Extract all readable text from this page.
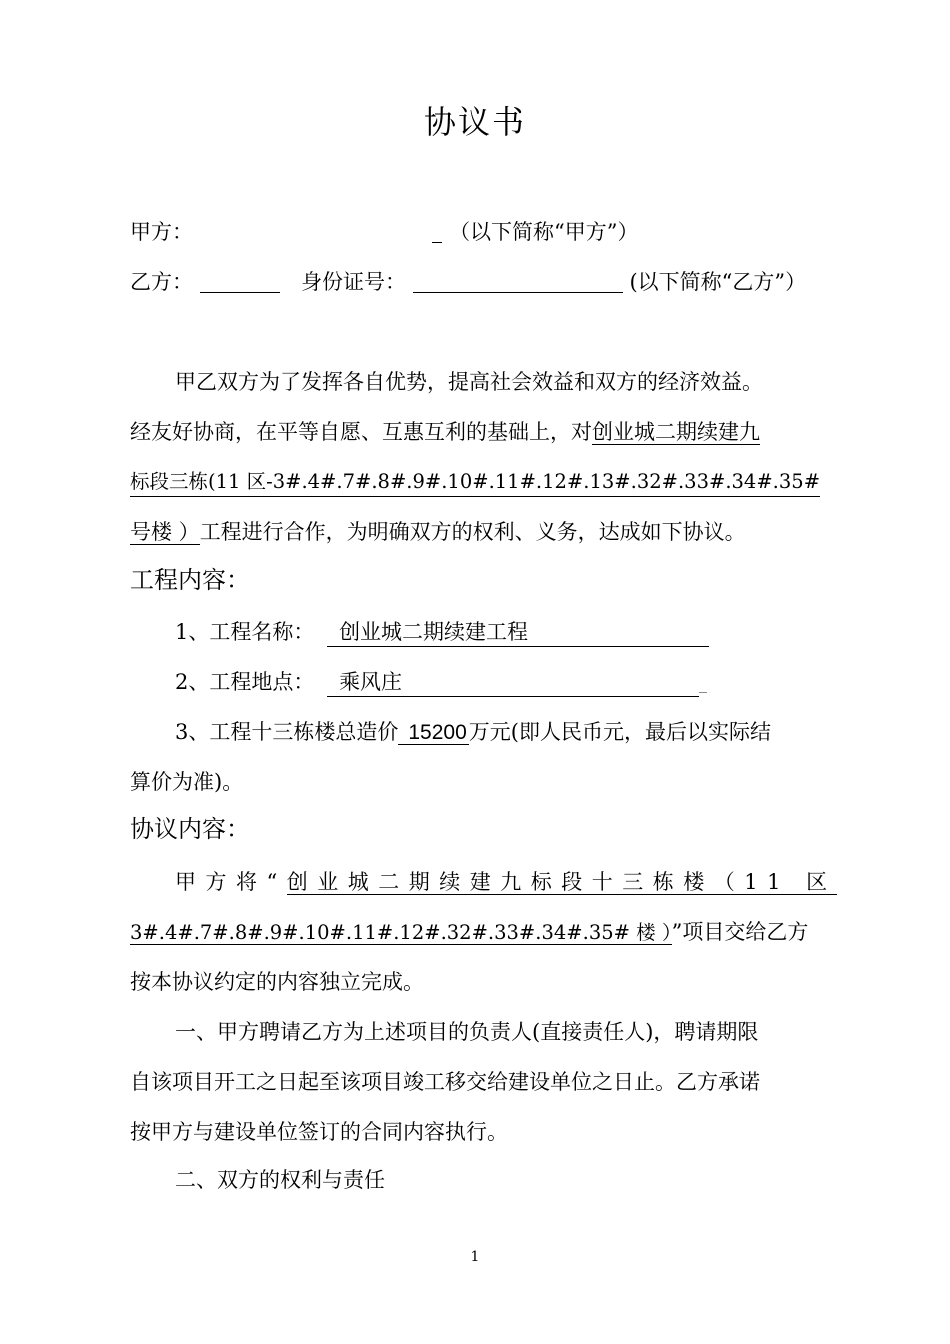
协议书
甲方：	（以下简称“甲方”）
乙方：	身份证号：	(以下简称“乙方”）
甲乙双方为了发挥各自优势，提高社会效益和双方的经济效益。
经友好协商，在平等自愿、互惠互利的基础上，对创业城二期续建九
标段三栋(11 区-3#.4#.7#.8#.9#.10#.11#.12#.13#.32#.33#.34#.35#
号楼 ）工程进行合作，为明确双方的权利、义务，达成如下协议。
工程内容：
1、工程名称： 创业城二期续建工程
2、工程地点： 乘风庄
3、工程十三栋楼总造价 15200万元(即人民币元，最后以实际结
算价为准)。
协议内容：
甲方将“创业城二期续建九标段十三栋楼（11 区
3#.4#.7#.8#.9#.10#.11#.12#.32#.33#.34#.35# 楼 ）”项目交给乙方
按本协议约定的内容独立完成。
一、甲方聘请乙方为上述项目的负责人(直接责任人)，聘请期限
自该项目开工之日起至该项目竣工移交给建设单位之日止。乙方承诺
按甲方与建设单位签订的合同内容执行。
二、双方的权利与责任
1
